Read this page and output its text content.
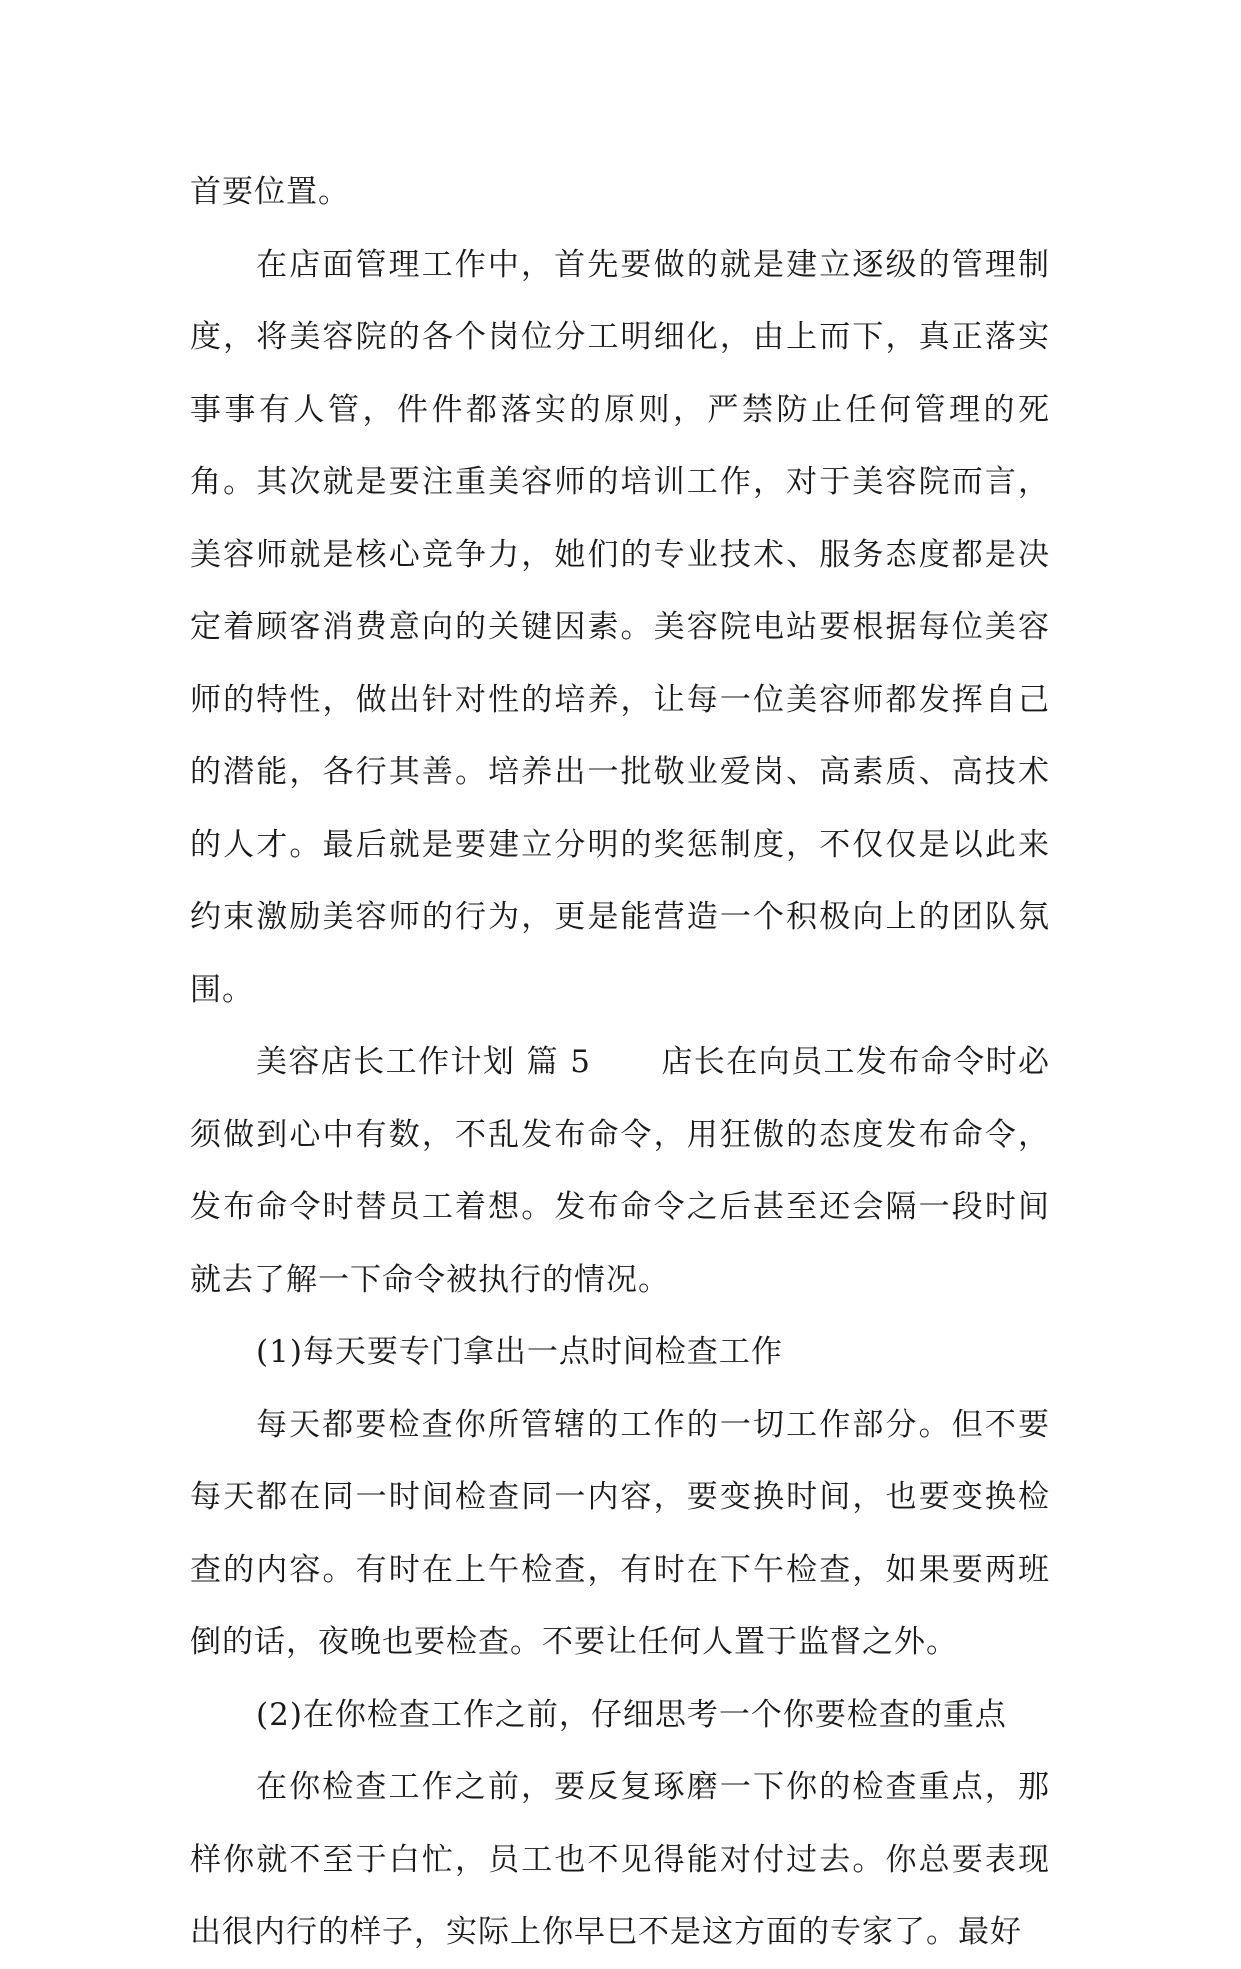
首要位置。

在店面管理工作中，首先要做的就是建立逐级的管理制度，将美容院的各个岗位分工明细化，由上而下，真正落实事事有人管，件件都落实的原则，严禁防止任何管理的死角。其次就是要注重美容师的培训工作，对于美容院而言，美容师就是核心竞争力，她们的专业技术、服务态度都是决定着顾客消费意向的关键因素。美容院电站要根据每位美容师的特性，做出针对性的培养，让每一位美容师都发挥自己的潜能，各行其善。培养出一批敬业爱岗、高素质、高技术的人才。最后就是要建立分明的奖惩制度，不仅仅是以此来约束激励美容师的行为，更是能营造一个积极向上的团队氛围。

美容店长工作计划 篇 5 店长在向员工发布命令时必须做到心中有数，不乱发布命令，用狂傲的态度发布命令，发布命令时替员工着想。发布命令之后甚至还会隔一段时间就去了解一下命令被执行的情况。

(1)每天要专门拿出一点时间检查工作

每天都要检查你所管辖的工作的一切工作部分。但不要每天都在同一时间检查同一内容，要变换时间，也要变换检查的内容。有时在上午检查，有时在下午检查，如果要两班倒的话，夜晚也要检查。不要让任何人置于监督之外。

(2)在你检查工作之前，仔细思考一个你要检查的重点

在你检查工作之前，要反复琢磨一下你的检查重点，那样你就不至于白忙，员工也不见得能对付过去。你总要表现出很内行的样子，实际上你早巳不是这方面的专家了。最好
